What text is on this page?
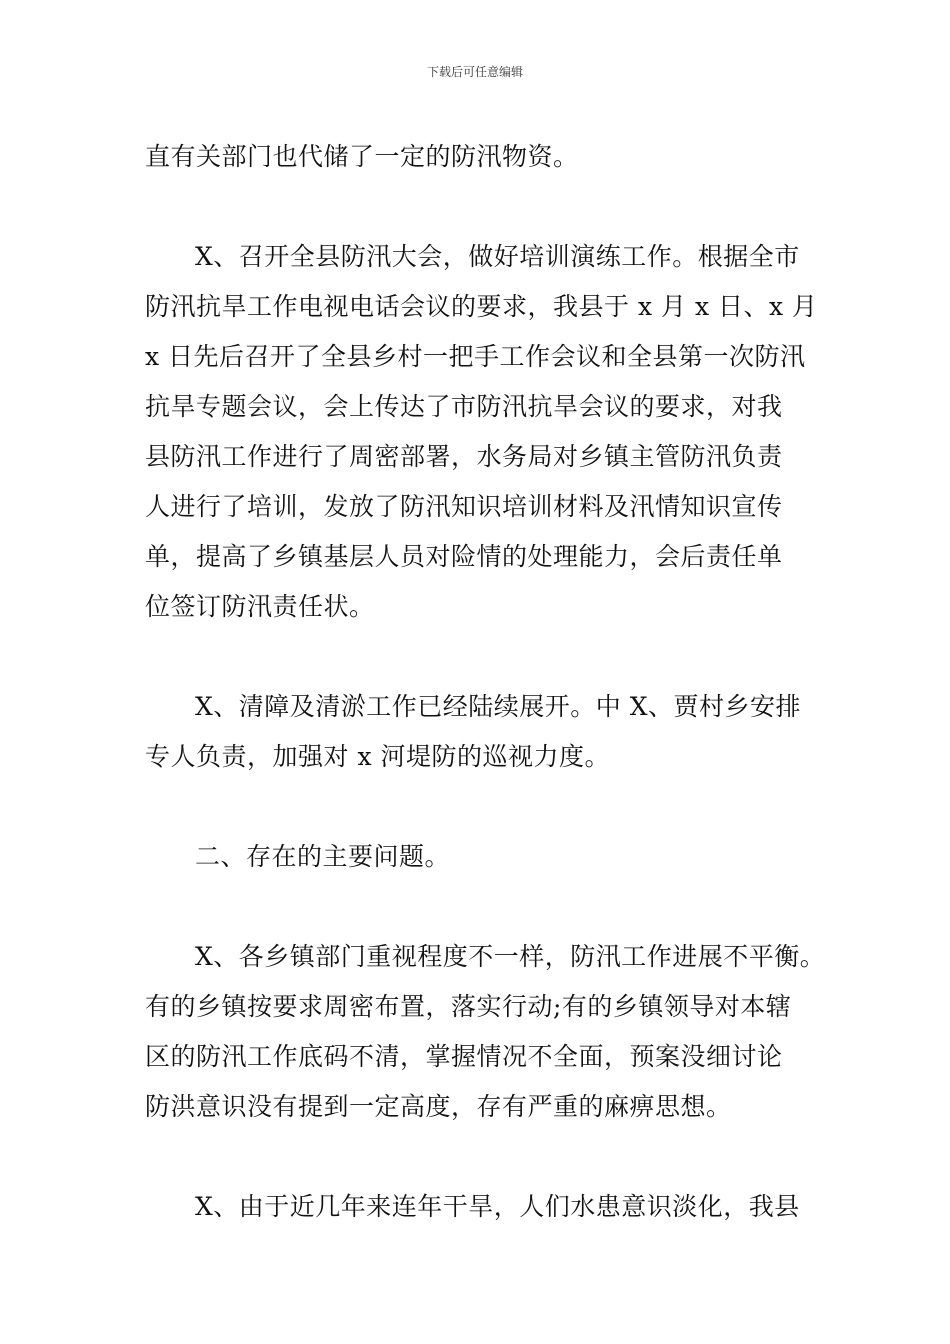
下载后可任意编辑

直有关部门也代储了一定的防汛物资。

X、召开全县防汛大会，做好培训演练工作。根据全市
防汛抗旱工作电视电话会议的要求，我县于 x 月 x 日、x 月
x 日先后召开了全县乡村一把手工作会议和全县第一次防汛
抗旱专题会议，会上传达了市防汛抗旱会议的要求，对我
县防汛工作进行了周密部署，水务局对乡镇主管防汛负责
人进行了培训，发放了防汛知识培训材料及汛情知识宣传
单，提高了乡镇基层人员对险情的处理能力，会后责任单
位签订防汛责任状。

X、清障及清淤工作已经陆续展开。中 X、贾村乡安排
专人负责，加强对 x 河堤防的巡视力度。

二、存在的主要问题。

X、各乡镇部门重视程度不一样，防汛工作进展不平衡。
有的乡镇按要求周密布置，落实行动;有的乡镇领导对本辖
区的防汛工作底码不清，掌握情况不全面，预案没细讨论
防洪意识没有提到一定高度，存有严重的麻痹思想。

X、由于近几年来连年干旱，人们水患意识淡化，我县
